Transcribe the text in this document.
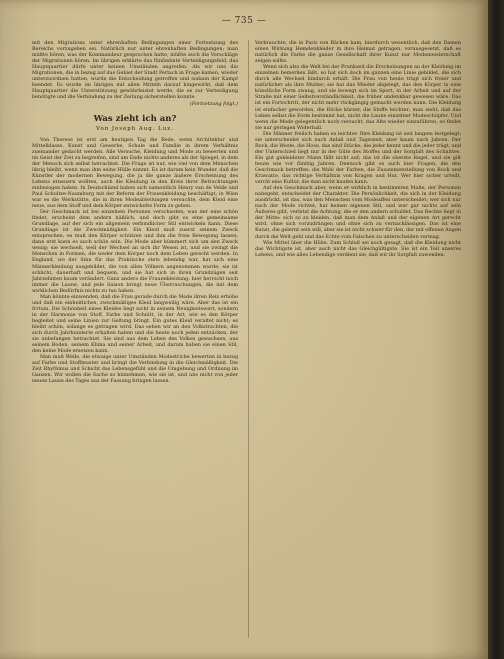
— 735 —

mit den Migrations unter ehrenhaften Bedingungen einer Fortsetzung des Bereichs vorzugeben sei. Natürlich nur unter ehrenhaften Bedingungen; man müßte hören, was der Kommandeur gesprochen hatte, müßte auch die Vorschläge der Migrationen hören. Im übrigen erklärte das fünfzehnte Verteidigungsfeld, das Hauptquartier dürfe unter keinen Umständen angreifen. Als wir uns die Migrationen, die in bezug auf das Gebiet der Stadt Perlach in Frage kamen, wieder unterzuordnen hatten, wurde die Entscheidung getroffen und sodann der Kampf beendet. Es wurde im übrigen mit allen Mitteln darauf hingewirkt, daß dem Hauptquartier die Unterstützung gewährleistet werde, die es zur Verteidigung benötigte und die Verbindung zu der Zeitung sicherstellen konnte.

(Fortsetzung folgt.)
Was zieht ich an?
Von Joseph Aug. Lux.

Von Therese ist erst am heutigen Tag die Rede, wenn Architektur und Mittelklasse, Kunst und Gewerbe, Schule und Familie in ihrem Verhältnis zueinander gedacht werden. Alle Versuche, Kleidung und Mode zu bewerten und im Geist der Zeit zu begreifen, sind am Ende nichts anderes als der Spiegel, in dem der Mensch sich selbst betrachtet. Die Frage ist nur, wie viel von dem Menschen übrig bleibt, wenn man ihm seine Hülle nimmt. Es ist darum kein Wunder, daß die Künstler der modernen Bewegung, die ja die ganze äußere Erscheinung des Lebens erneuern wollten, auch die Kleidung in den Kreis ihrer Betrachtungen einbezogen haben. In Deutschland haben sich namentlich Henry van de Velde und Paul Schultze-Naumburg mit der Reform der Frauenkleidung beschäftigt; in Wien war es die Werkstätte, die in ihren Modeabteilungen versuchte, dem Kleid eine neue, aus dem Stoff und dem Körper entwickelte Form zu geben.

Der Geschmack ist bei einzelnen Personen verschieden; was der eine schön findet, erscheint dem andern häßlich, und doch gibt es eine gemeinsame Grundlage, auf der sich ein allgemein verbindlicher Stil entwickeln kann. Diese Grundlage ist die Zweckmäßigkeit. Ein Kleid muß zuerst seinem Zweck entsprechen, es muß den Körper schützen und ihm die freie Bewegung lassen; dann erst kann es auch schön sein. Die Mode aber kümmert sich um den Zweck wenig; sie wechselt, weil der Wechsel an sich ihr Wesen ist, und sie zwingt die Menschen in Formen, die weder dem Körper noch dem Leben gerecht werden. In England, wo der Sinn für das Praktische stets lebendig war, hat sich eine Männerkleidung ausgebildet, die von allen Völkern angenommen wurde; sie ist schlicht, dauerhaft und bequem, und sie hat sich in ihren Grundzügen seit Jahrzehnten kaum verändert. Ganz anders die Frauenkleidung: hier herrscht noch immer die Laune, und jede Saison bringt neue Überraschungen, die mit dem wirklichen Bedürfnis nichts zu tun haben.

Man könnte einwenden, daß die Frau gerade durch die Mode ihren Reiz erhöhe und daß ein einheitliches, zweckmäßiges Kleid langweilig wäre. Aber das ist ein Irrtum. Die Schönheit eines Kleides liegt nicht in seinem Neuigkeitswert, sondern in der Harmonie von Stoff, Farbe und Schnitt, in der Art, wie es den Körper begleitet und seine Linien zur Geltung bringt. Ein gutes Kleid veraltet nicht; es bleibt schön, solange es getragen wird. Das sehen wir an den Volkstrachten, die sich durch Jahrhunderte erhalten haben und die heute noch jeden entzücken, der sie unbefangen betrachtet. Sie sind aus dem Leben des Volkes gewachsen, aus seinem Boden, seinem Klima und seiner Arbeit, und darum haben sie einen Stil, den keine Mode ersetzen kann.

Man muß Welle, die etwaige unter Umständen Modestriche bewerten in bezug auf Farbe und Stoffmuster und bringt die Verbindung in die Gleichmäßigkeit. Die Zeit Rhythmus und Schicht das Lebensgefühl und die Umgebung und Ordnung im Ganzen. Wir wollen die Sache so hinnehmen, wie sie ist, und uns nicht von jeder neuen Laune des Tages aus der Fassung bringen lassen.

Verbrauchte, die in Paris von Bäcken kam, hierdurch wesentlich, daß den Damen einen Wirkung Hemdenkleider in ihre Heimat getragen, vorausgesetzt, daß es natürlich die Farbe die ganze Gesellschaft ihrer Kunst nur Modemeisterschaft zeigen sollte.

Wenn sich also die Welt bei der Prunkzeit die Erscheinungen an der Kleidung im einzelnen bemerken läßt, so hat sich doch im ganzen eine Linie gebildet, die sich durch alle Wechsel hindurch erhält. Die Frau von heute trägt sich freier und natürlicher als ihre Mutter; sie hat das Mieder abgelegt, das den Körper in eine künstliche Form zwang, und sie bewegt sich im Sport, in der Arbeit und auf der Straße mit einer Selbstverständlichkeit, die früher undenkbar gewesen wäre. Das ist ein Fortschritt, der nicht mehr rückgängig gemacht werden kann. Die Kleidung ist einfacher geworden, die Röcke kürzer, die Stoffe leichter; man sieht, daß das Leben selbst die Form bestimmt hat, nicht die Laune einzelner Modeschöpfer. Und wenn die Mode gelegentlich noch versucht, das Alte wieder einzuführen, so findet sie nur geringen Widerhall.

Die Männer freilich haben es leichter. Ihre Kleidung ist seit langem festgelegt; sie unterscheidet sich nach Anlaß und Tageszeit, aber kaum nach Jahren. Der Rock, die Weste, die Hose, das sind Stücke, die jeder kennt und die jeder trägt, und der Unterschied liegt nur in der Güte des Stoffes und der Sorgfalt des Schnittes. Ein gut gekleideter Mann fällt nicht auf; das ist die oberste Regel, und sie gilt heute wie vor fünfzig Jahren. Dennoch gibt es auch hier Fragen, die den Geschmack betreffen: die Wahl der Farben, die Zusammenstellung von Rock und Krawatte, das richtige Verhältnis von Kragen und Hut. Wer hier sicher urteilt, verrät eine Kultur, die man nicht kaufen kann.

Auf den Geschmack aber, wenn er wirklich in bestimmten Maße, der Personen nahegeht, entscheidet der Charakter. Die Persönlichkeit, die sich in der Kleidung ausdrückt, ist das, was den Menschen vom Modeaffen unterscheidet; wer sich nur nach der Mode richtet, hat keinen eigenen Stil, und wer gar nichts auf sein Äußeres gibt, verletzt die Achtung, die er den andern schuldet. Das Rechte liegt in der Mitte: sich so zu kleiden, daß man dem Anlaß und der eigenen Art gerecht wird, ohne sich vorzudrängen und ohne sich zu vernachlässigen. Das ist eine Kunst, die gelernt sein will, aber sie ist nicht schwer für den, der mit offenen Augen durch die Welt geht und das Echte vom Falschen zu unterscheiden vermag.

Wie Mittel über die Höhe. Zum Schluß sei noch gesagt, daß die Kleidung nicht das Wichtigste ist, aber auch nicht das Gleichgültigste. Sie ist ein Teil unseres Lebens, und wie alles Lebendige verdient sie, daß wir ihr Sorgfalt zuwenden.
